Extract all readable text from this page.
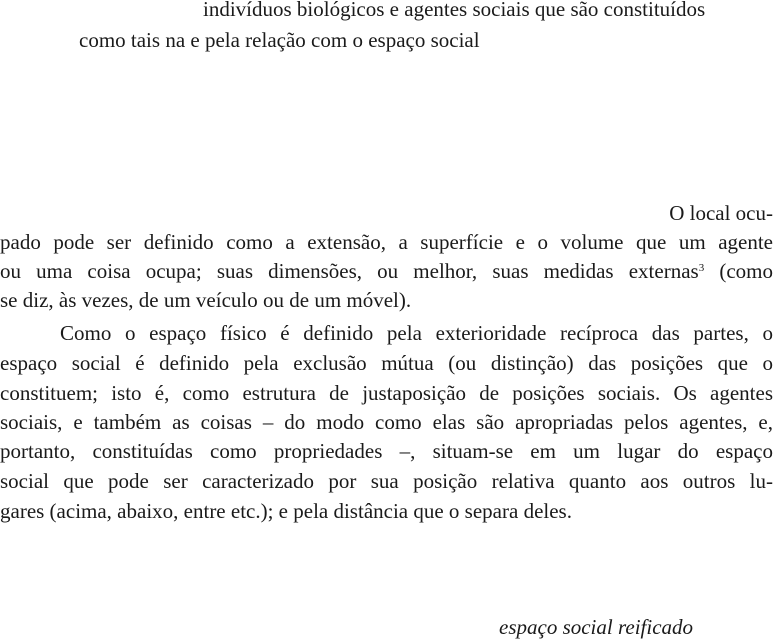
indivíduos biológicos e agentes sociais que são constituídos

como tais na e pela relação com o espaço social

O local ocu-

pado pode ser definido como a extensão, a superfície e o volume que um agente

ou uma coisa ocupa; suas dimensões, ou melhor, suas medidas externas$^3$ (como

se diz, às vezes, de um veículo ou de um móvel).

Como o espaço físico é definido pela exterioridade recíproca das partes, o

espaço social é definido pela exclusão mútua (ou distinção) das posições que o

constituem; isto é, como estrutura de justaposição de posições sociais. Os agentes

sociais, e também as coisas – do modo como elas são apropriadas pelos agentes, e,

portanto, constituídas como propriedades –, situam-se em um lugar do espaço

social que pode ser caracterizado por sua posição relativa quanto aos outros lu-

gares (acima, abaixo, entre etc.); e pela distância que o separa deles.

espaço social reificado
